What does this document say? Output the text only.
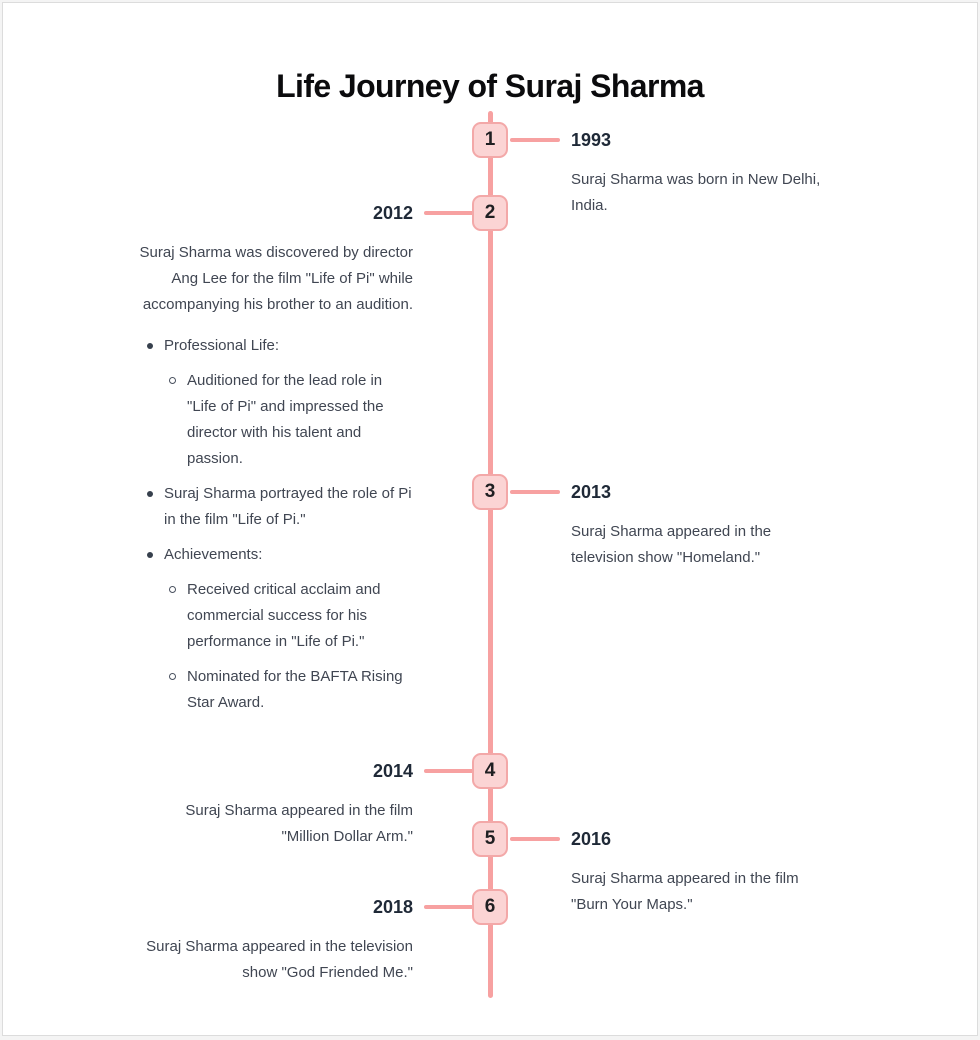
Life Journey of Suraj Sharma
1
2
3
4
5
6
1993
Suraj Sharma was born in New Delhi, India.
2012
Suraj Sharma was discovered by director Ang Lee for the film "Life of Pi" while accompanying his brother to an audition.
Professional Life:
Auditioned for the lead role in "Life of Pi" and impressed the director with his talent and passion.
Suraj Sharma portrayed the role of Pi in the film "Life of Pi."
Achievements:
Received critical acclaim and commercial success for his performance in "Life of Pi."
Nominated for the BAFTA Rising Star Award.
2013
Suraj Sharma appeared in the television show "Homeland."
2014
Suraj Sharma appeared in the film "Million Dollar Arm."	2016
Suraj Sharma appeared in the film "Burn Your Maps."
2018
Suraj Sharma appeared in the television show "God Friended Me."
